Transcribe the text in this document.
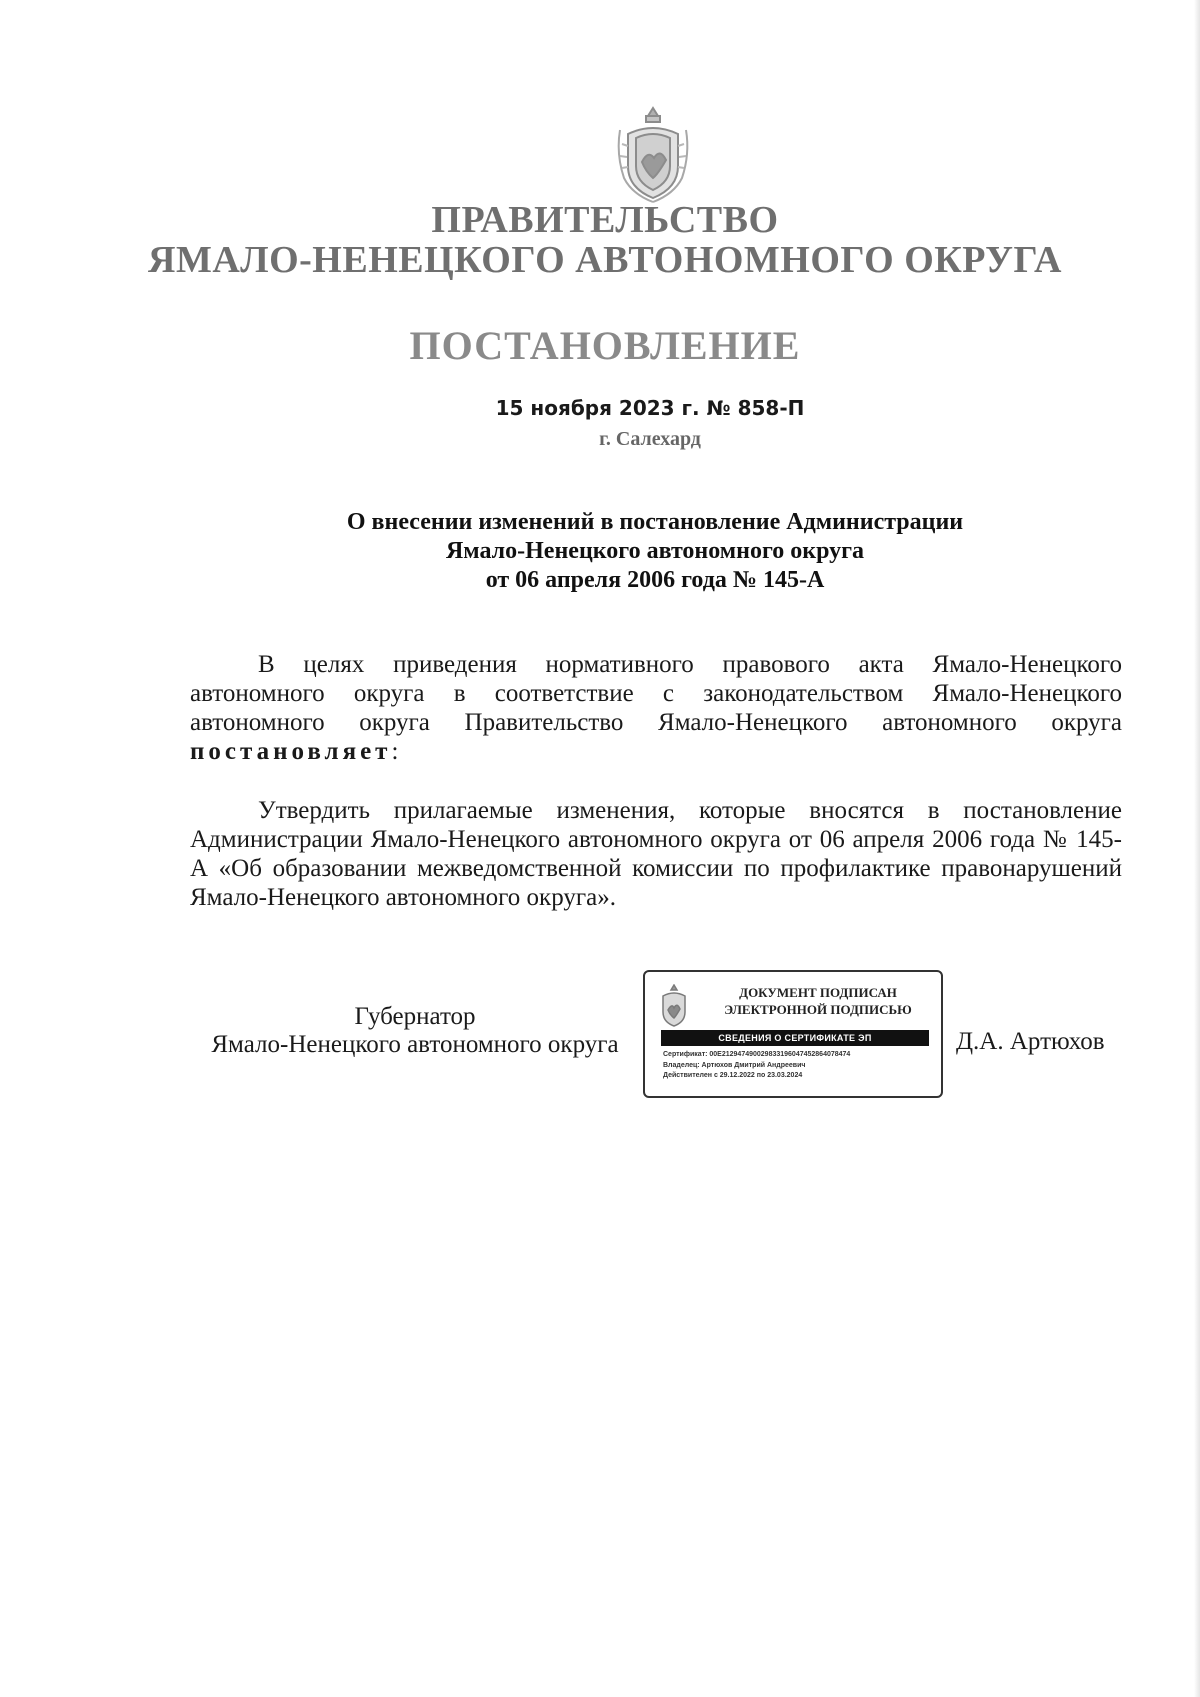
ПРАВИТЕЛЬСТВО
ЯМАЛО-НЕНЕЦКОГО АВТОНОМНОГО ОКРУГА
ПОСТАНОВЛЕНИЕ
15 ноября 2023 г. № 858-П
г. Салехард
О внесении изменений в постановление Администрации
Ямало-Ненецкого автономного округа
от 06 апреля 2006 года № 145-А
В целях приведения нормативного правового акта Ямало-Ненецкого автономного округа в соответствие с законодательством Ямало-Ненецкого автономного округа Правительство Ямало-Ненецкого автономного округа постановляет:
Утвердить прилагаемые изменения, которые вносятся в постановление Администрации Ямало-Ненецкого автономного округа от 06 апреля 2006 года № 145-А «Об образовании межведомственной комиссии по профилактике правонарушений Ямало-Ненецкого автономного округа».
Губернатор
Ямало-Ненецкого автономного округа
ДОКУМЕНТ ПОДПИСАН
ЭЛЕКТРОННОЙ ПОДПИСЬЮ
СВЕДЕНИЯ О СЕРТИФИКАТЕ ЭП
Сертификат: 00E212947490029833196047452864078474
Владелец: Артюхов Дмитрий Андреевич
Действителен с 29.12.2022 по 23.03.2024
Д.А. Артюхов
